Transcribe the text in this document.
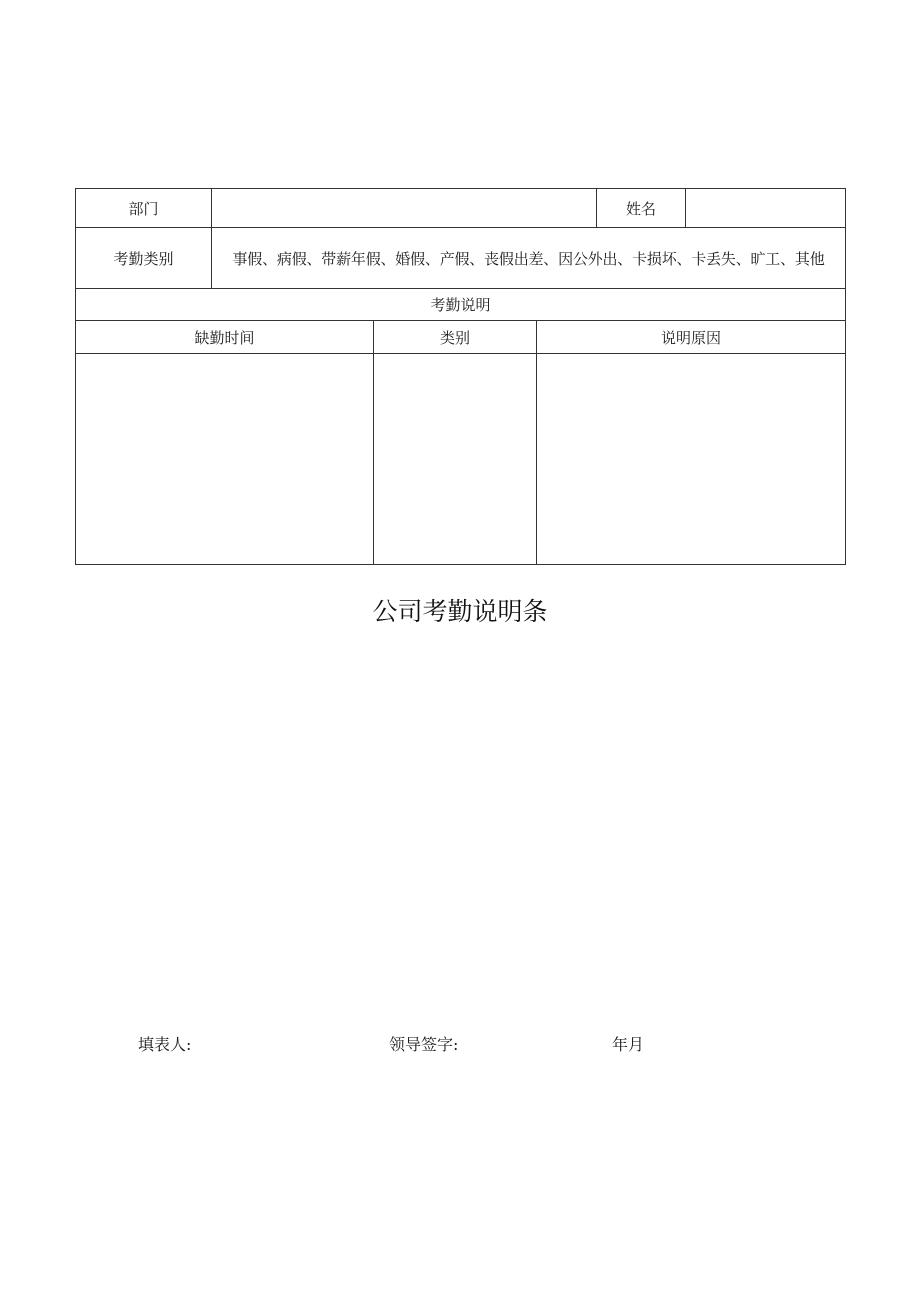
部门				姓名	
考勤类别	事假、病假、带薪年假、婚假、产假、丧假出差、因公外出、卡损坏、卡丢失、旷工、其他				
考勤说明					
缺勤时间		类别	说明原因		

公司考勤说明条
填表人:	领导签字:	年月
